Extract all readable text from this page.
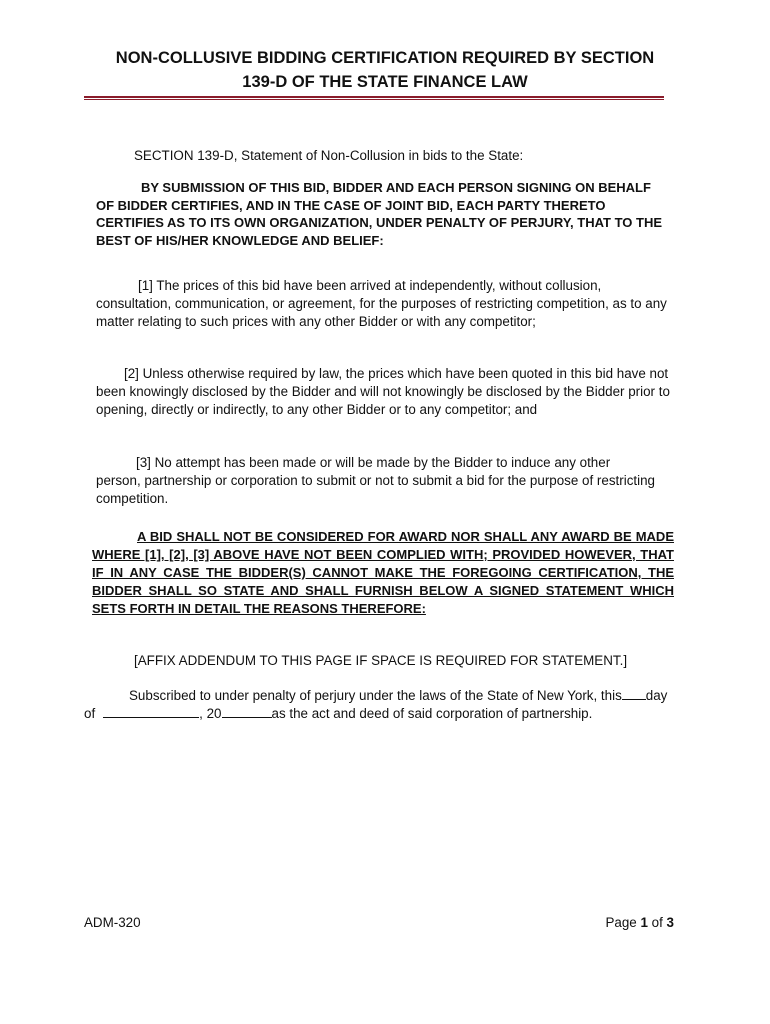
NON-COLLUSIVE BIDDING CERTIFICATION REQUIRED BY SECTION
139-D OF THE STATE FINANCE LAW

SECTION 139-D, Statement of Non-Collusion in bids to the State:

BY SUBMISSION OF THIS BID, BIDDER AND EACH PERSON SIGNING ON BEHALF OF BIDDER CERTIFIES, AND IN THE CASE OF JOINT BID, EACH PARTY THERETO CERTIFIES AS TO ITS OWN ORGANIZATION, UNDER PENALTY OF PERJURY, THAT TO THE BEST OF HIS/HER KNOWLEDGE AND BELIEF:

[1] The prices of this bid have been arrived at independently, without collusion, consultation, communication, or agreement, for the purposes of restricting competition, as to any matter relating to such prices with any other Bidder or with any competitor;

[2] Unless otherwise required by law, the prices which have been quoted in this bid have not been knowingly disclosed by the Bidder and will not knowingly be disclosed by the Bidder prior to opening, directly or indirectly, to any other Bidder or to any competitor; and

[3] No attempt has been made or will be made by the Bidder to induce any other person, partnership or corporation to submit or not to submit a bid for the purpose of restricting competition.

A BID SHALL NOT BE CONSIDERED FOR AWARD NOR SHALL ANY AWARD BE MADE WHERE [1], [2], [3] ABOVE HAVE NOT BEEN COMPLIED WITH; PROVIDED HOWEVER, THAT IF IN ANY CASE THE BIDDER(S) CANNOT MAKE THE FOREGOING CERTIFICATION, THE BIDDER SHALL SO STATE AND SHALL FURNISH BELOW A SIGNED STATEMENT WHICH SETS FORTH IN DETAIL THE REASONS THEREFORE:

[AFFIX ADDENDUM TO THIS PAGE IF SPACE IS REQUIRED FOR STATEMENT.]

Subscribed to under penalty of perjury under the laws of the State of New York, this day of	, 20	as the act and deed of said corporation of partnership.

ADM-320	Page 1 of 3
